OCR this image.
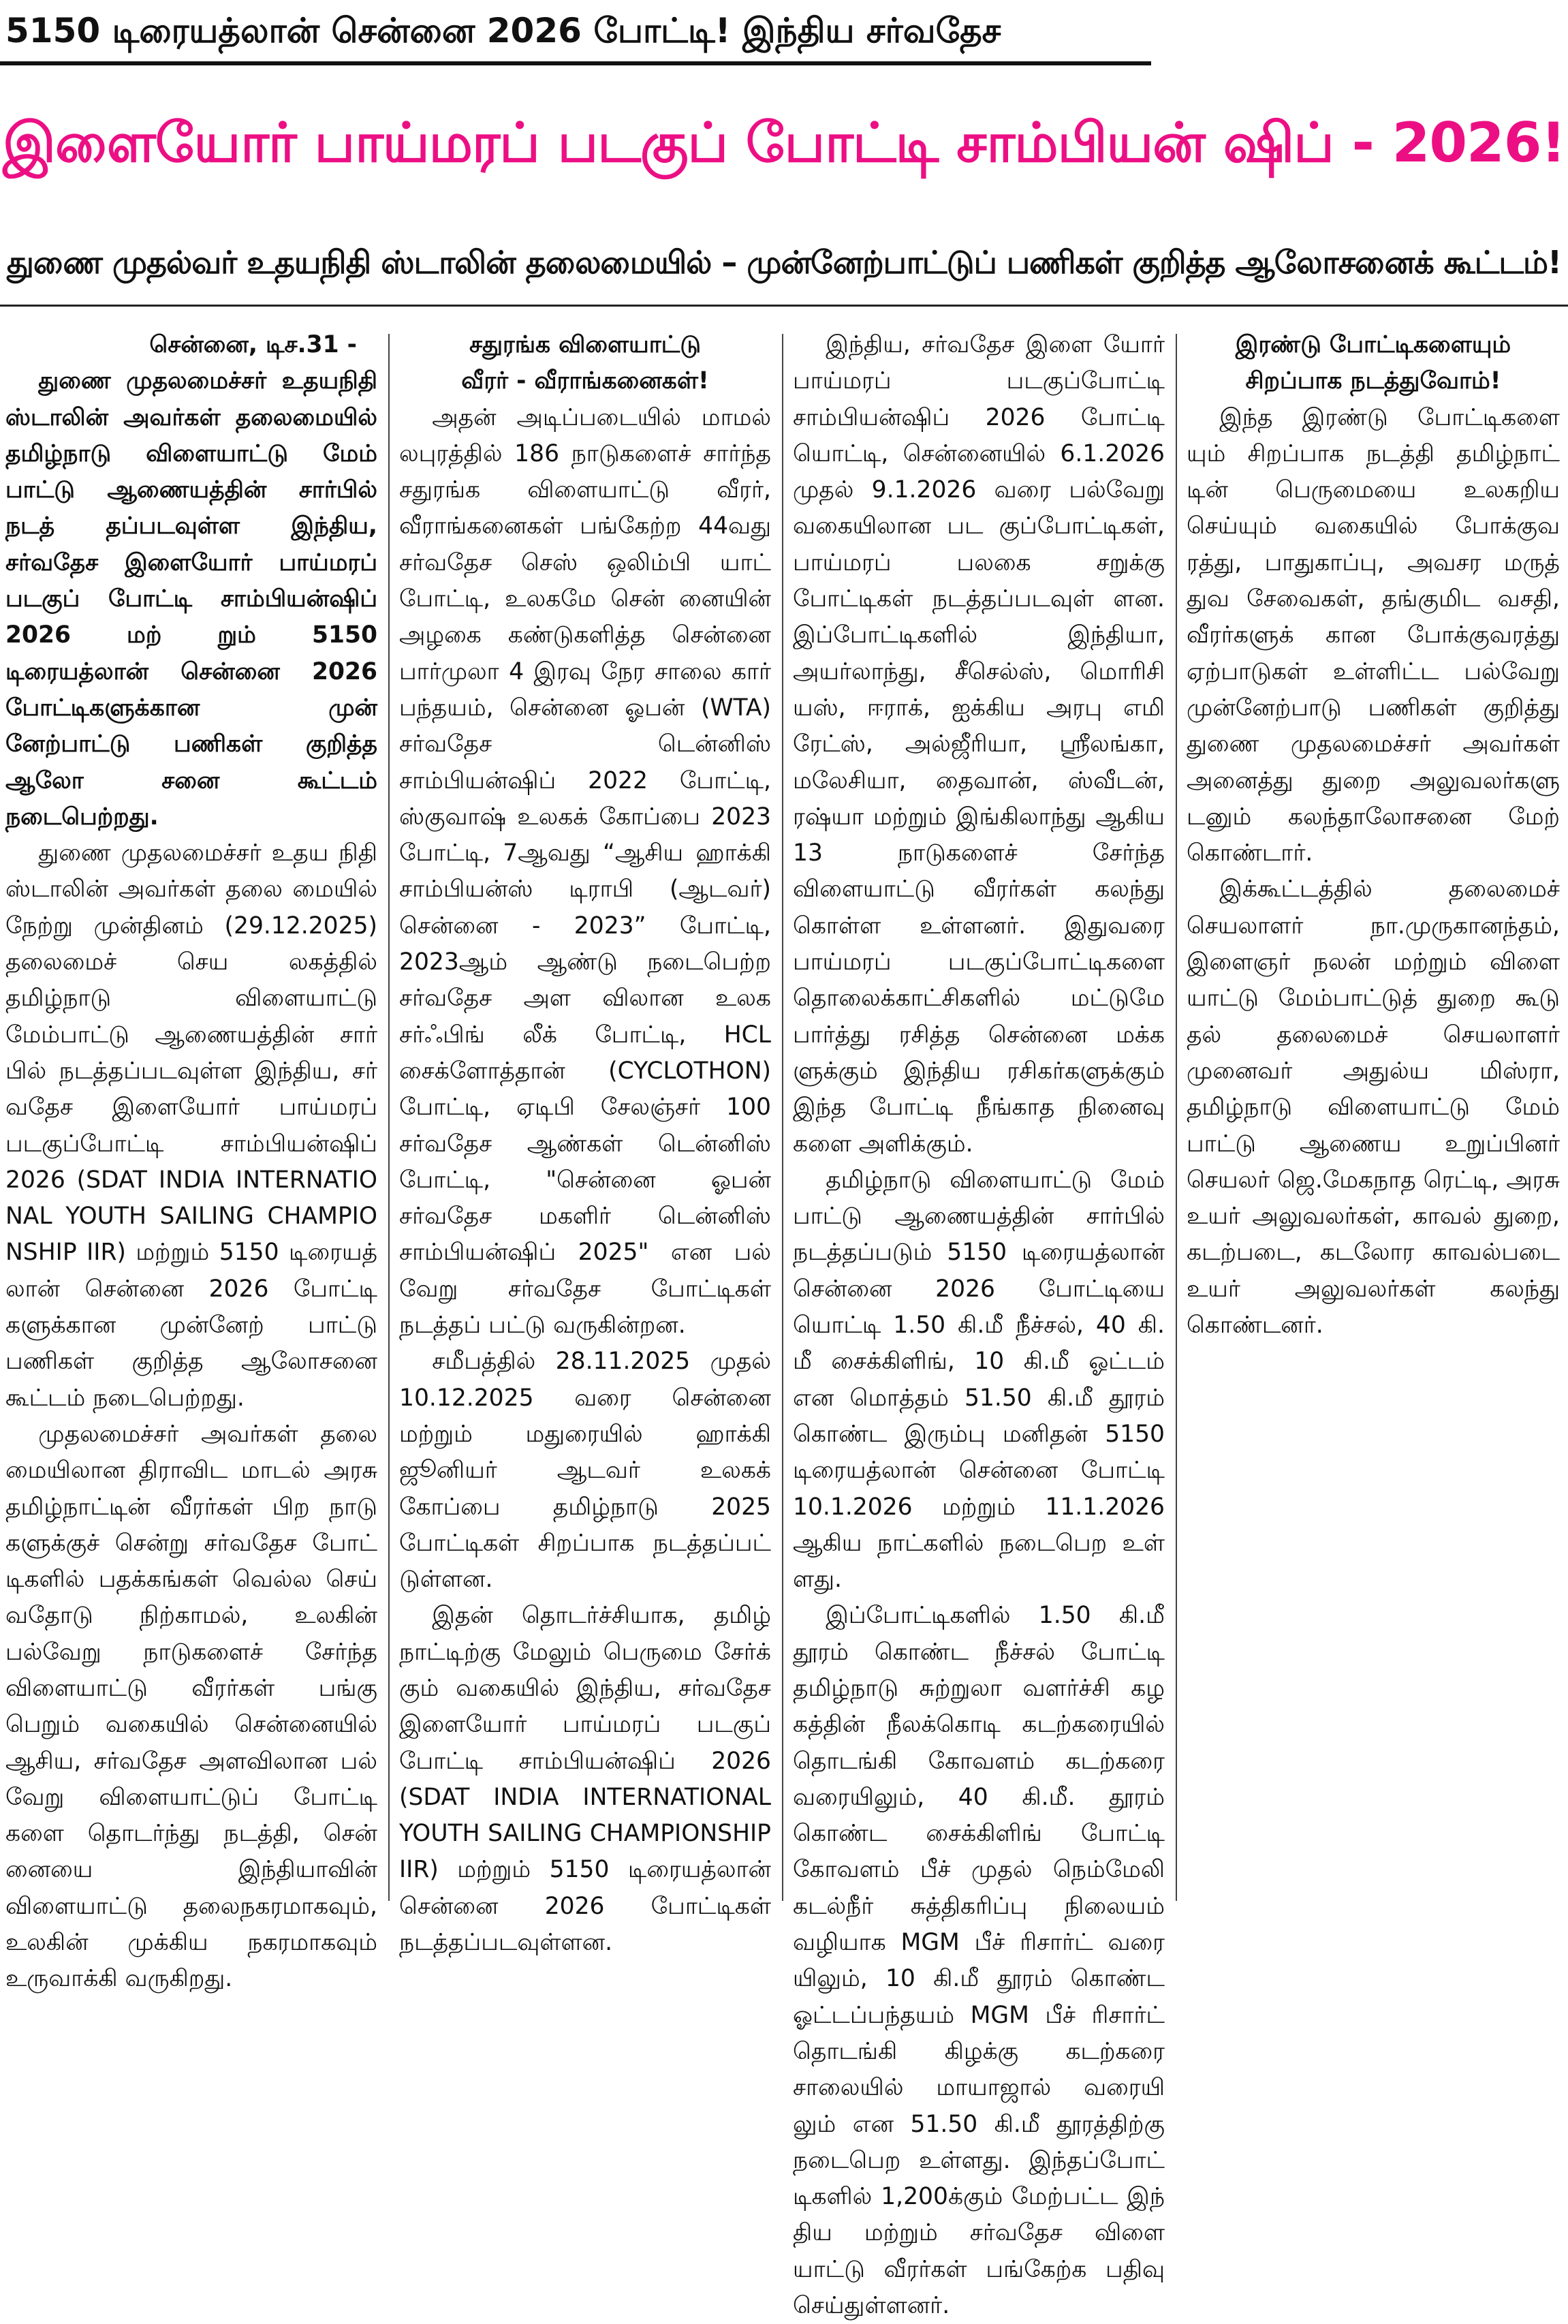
5150 டிரையத்லான் சென்னை 2026 போட்டி! இந்திய சர்வதேச
இளையோர் பாய்மரப் படகுப் போட்டி சாம்பியன் ஷிப் - 2026!
துணை முதல்வர் உதயநிதி ஸ்டாலின் தலைமையில் – முன்னேற்பாட்டுப் பணிகள் குறித்த ஆலோசனைக் கூட்டம்!

சென்னை, டிச.31 -

துணை முதலமைச்சர் உதயநிதி ஸ்டாலின் அவர்கள் தலைமையில் தமிழ்நாடு விளையாட்டு மேம் பாட்டு ஆணையத்தின் சார்பில் நடத் தப்படவுள்ள இந்திய, சர்வதேச இளையோர் பாய்மரப் படகுப் போட்டி சாம்பியன்ஷிப் 2026 மற் றும் 5150 டிரையத்லான் சென்னை 2026 போட்டிகளுக்கான முன் னேற்பாட்டு பணிகள் குறித்த ஆலோ சனை கூட்டம் நடைபெற்றது.

துணை முதலமைச்சர் உதய நிதி ஸ்டாலின் அவர்கள் தலை மையில் நேற்று முன்தினம் (29.12.2025) தலைமைச் செய லகத்தில் தமிழ்நாடு விளையாட்டு மேம்பாட்டு ஆணையத்தின் சார் பில் நடத்தப்படவுள்ள இந்திய, சர் வதேச இளையோர் பாய்மரப் படகுப்போட்டி சாம்பியன்ஷிப் 2026 (SDAT INDIA INTERNATIO NAL YOUTH SAILING CHAMPIO NSHIP IIR) மற்றும் 5150 டிரையத் லான் சென்னை 2026 போட்டி களுக்கான முன்னேற் பாட்டு பணிகள் குறித்த ஆலோசனை கூட்டம் நடைபெற்றது.

முதலமைச்சர் அவர்கள் தலை மையிலான திராவிட மாடல் அரசு தமிழ்நாட்டின் வீரர்கள் பிற நாடு களுக்குச் சென்று சர்வதேச போட் டிகளில் பதக்கங்கள் வெல்ல செய் வதோடு நிற்காமல், உலகின் பல்வேறு நாடுகளைச் சேர்ந்த விளையாட்டு வீரர்கள் பங்கு பெறும் வகையில் சென்னையில் ஆசிய, சர்வதேச அளவிலான பல் வேறு விளையாட்டுப் போட்டி களை தொடர்ந்து நடத்தி, சென் னையை இந்தியாவின் விளையாட்டு தலைநகரமாகவும், உலகின் முக்கிய நகரமாகவும் உருவாக்கி வருகிறது.

சதுரங்க விளையாட்டு

வீரர் - வீராங்கனைகள்!

அதன் அடிப்படையில் மாமல் லபுரத்தில் 186 நாடுகளைச் சார்ந்த சதுரங்க விளையாட்டு வீரர், வீராங்கனைகள் பங்கேற்ற 44வது சர்வதேச செஸ் ஒலிம்பி யாட் போட்டி, உலகமே சென் னையின் அழகை கண்டுகளித்த சென்னை பார்முலா 4 இரவு நேர சாலை கார் பந்தயம், சென்னை ஓபன் (WTA) சர்வதேச டென்னிஸ் சாம்பியன்ஷிப் 2022 போட்டி, ஸ்குவாஷ் உலகக் கோப்பை 2023 போட்டி, 7ஆவது “ஆசிய ஹாக்கி சாம்பியன்ஸ் டிராபி (ஆடவர்) சென்னை - 2023” போட்டி, 2023ஆம் ஆண்டு நடைபெற்ற சர்வதேச அள விலான உலக சர்ஃபிங் லீக் போட்டி, HCL சைக்ளோத்தான் (CYCLOTHON) போட்டி, ஏடிபி சேலஞ்சர் 100 சர்வதேச ஆண்கள் டென்னிஸ் போட்டி, "சென்னை ஓபன் சர்வதேச மகளிர் டென்னிஸ் சாம்பியன்ஷிப் 2025" என பல் வேறு சர்வதேச போட்டிகள் நடத்தப் பட்டு வருகின்றன.

சமீபத்தில் 28.11.2025 முதல் 10.12.2025 வரை சென்னை மற்றும் மதுரையில் ஹாக்கி ஜூனியர் ஆடவர் உலகக் கோப்பை தமிழ்நாடு 2025 போட்டிகள் சிறப்பாக நடத்தப்பட் டுள்ளன.

இதன் தொடர்ச்சியாக, தமிழ் நாட்டிற்கு மேலும் பெருமை சேர்க் கும் வகையில் இந்திய, சர்வதேச இளையோர் பாய்மரப் படகுப் போட்டி சாம்பியன்ஷிப் 2026 (SDAT INDIA INTERNATIONAL YOUTH SAILING CHAMPIONSHIP IIR) மற்றும் 5150 டிரையத்லான் சென்னை 2026 போட்டிகள் நடத்தப்படவுள்ளன.

இந்திய, சர்வதேச இளை யோர் பாய்மரப் படகுப்போட்டி சாம்பியன்ஷிப் 2026 போட்டி யொட்டி, சென்னையில் 6.1.2026 முதல் 9.1.2026 வரை பல்வேறு வகையிலான பட குப்போட்டிகள், பாய்மரப் பலகை சறுக்கு போட்டிகள் நடத்தப்படவுள் ளன. இப்போட்டிகளில் இந்தியா, அயர்லாந்து, சீசெல்ஸ், மொரிசி யஸ், ஈராக், ஐக்கிய அரபு எமி ரேட்ஸ், அல்ஜீரியா, ஸ்ரீலங்கா, மலேசியா, தைவான், ஸ்வீடன், ரஷ்யா மற்றும் இங்கிலாந்து ஆகிய 13 நாடுகளைச் சேர்ந்த விளையாட்டு வீரர்கள் கலந்து கொள்ள உள்ளனர். இதுவரை பாய்மரப் படகுப்போட்டிகளை தொலைக்காட்சிகளில் மட்டுமே பார்த்து ரசித்த சென்னை மக்க ளுக்கும் இந்திய ரசிகர்களுக்கும் இந்த போட்டி நீங்காத நினைவு களை அளிக்கும்.

தமிழ்நாடு விளையாட்டு மேம் பாட்டு ஆணையத்தின் சார்பில் நடத்தப்படும் 5150 டிரையத்லான் சென்னை 2026 போட்டியை யொட்டி 1.50 கி.மீ நீச்சல், 40 கி. மீ சைக்கிளிங், 10 கி.மீ ஓட்டம் என மொத்தம் 51.50 கி.மீ தூரம் கொண்ட இரும்பு மனிதன் 5150 டிரையத்லான் சென்னை போட்டி 10.1.2026 மற்றும் 11.1.2026 ஆகிய நாட்களில் நடைபெற உள் ளது.

இப்போட்டிகளில் 1.50 கி.மீ தூரம் கொண்ட நீச்சல் போட்டி தமிழ்நாடு சுற்றுலா வளர்ச்சி கழ கத்தின் நீலக்கொடி கடற்கரையில் தொடங்கி கோவளம் கடற்கரை வரையிலும், 40 கி.மீ. தூரம் கொண்ட சைக்கிளிங் போட்டி கோவளம் பீச் முதல் நெம்மேலி கடல்நீர் சுத்திகரிப்பு நிலையம் வழியாக MGM பீச் ரிசார்ட் வரை யிலும், 10 கி.மீ தூரம் கொண்ட ஓட்டப்பந்தயம் MGM பீச் ரிசார்ட் தொடங்கி கிழக்கு கடற்கரை சாலையில் மாயாஜால் வரையி லும் என 51.50 கி.மீ தூரத்திற்கு நடைபெற உள்ளது. இந்தப்போட் டிகளில் 1,200க்கும் மேற்பட்ட இந் திய மற்றும் சர்வதேச விளை யாட்டு வீரர்கள் பங்கேற்க பதிவு செய்துள்ளனர்.

இரண்டு போட்டிகளையும்

சிறப்பாக நடத்துவோம்!

இந்த இரண்டு போட்டிகளை யும் சிறப்பாக நடத்தி தமிழ்நாட் டின் பெருமையை உலகறிய செய்யும் வகையில் போக்குவ ரத்து, பாதுகாப்பு, அவசர மருத் துவ சேவைகள், தங்குமிட வசதி, வீரர்களுக் கான போக்குவரத்து ஏற்பாடுகள் உள்ளிட்ட பல்வேறு முன்னேற்பாடு பணிகள் குறித்து துணை முதலமைச்சர் அவர்கள் அனைத்து துறை அலுவலர்களு டனும் கலந்தாலோசனை மேற் கொண்டார்.

இக்கூட்டத்தில் தலைமைச் செயலாளர் நா.முருகானந்தம், இளைஞர் நலன் மற்றும் விளை யாட்டு மேம்பாட்டுத் துறை கூடு தல் தலைமைச் செயலாளர் முனைவர் அதுல்ய மிஸ்ரா, தமிழ்நாடு விளையாட்டு மேம் பாட்டு ஆணைய உறுப்பினர் செயலர் ஜெ.மேகநாத ரெட்டி, அரசு உயர் அலுவலர்கள், காவல் துறை, கடற்படை, கடலோர காவல்படை உயர் அலுவலர்கள் கலந்து கொண்டனர்.
